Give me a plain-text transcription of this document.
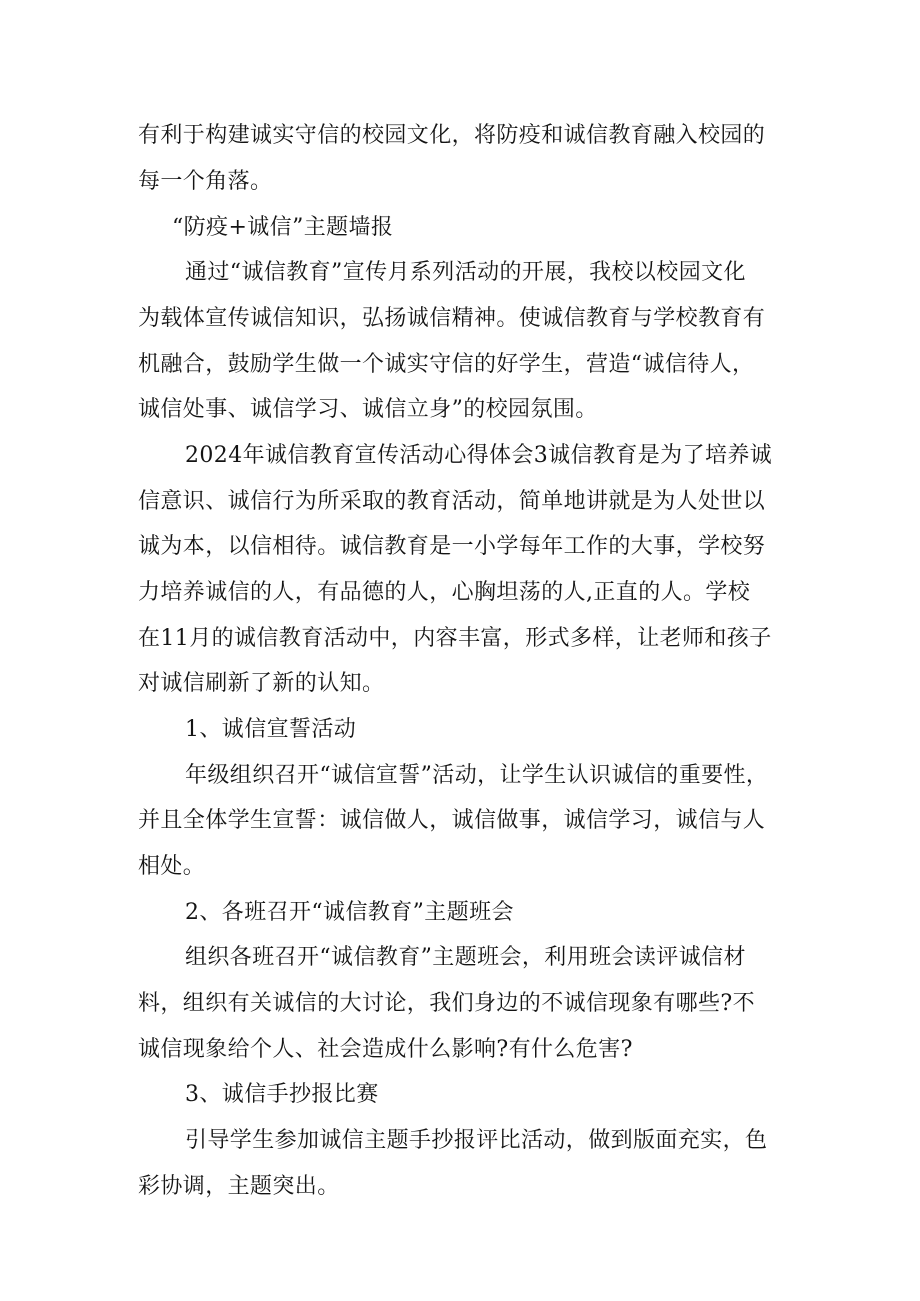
有利于构建诚实守信的校园文化，将防疫和诚信教育融入校园的
每一个角落。
“防疫+诚信”主题墙报
通过“诚信教育”宣传月系列活动的开展，我校以校园文化
为载体宣传诚信知识，弘扬诚信精神。使诚信教育与学校教育有
机融合，鼓励学生做一个诚实守信的好学生，营造“诚信待人，
诚信处事、诚信学习、诚信立身”的校园氛围。
2024年诚信教育宣传活动心得体会3诚信教育是为了培养诚
信意识、诚信行为所采取的教育活动，简单地讲就是为人处世以
诚为本，以信相待。诚信教育是一小学每年工作的大事，学校努
力培养诚信的人，有品德的人，心胸坦荡的人,正直的人。学校
在11月的诚信教育活动中，内容丰富，形式多样，让老师和孩子
对诚信刷新了新的认知。
1、诚信宣誓活动
年级组织召开“诚信宣誓”活动，让学生认识诚信的重要性，
并且全体学生宣誓：诚信做人，诚信做事，诚信学习，诚信与人
相处。
2、各班召开“诚信教育”主题班会
组织各班召开“诚信教育”主题班会，利用班会读评诚信材
料，组织有关诚信的大讨论，我们身边的不诚信现象有哪些?不
诚信现象给个人、社会造成什么影响?有什么危害?
3、诚信手抄报比赛
引导学生参加诚信主题手抄报评比活动，做到版面充实，色
彩协调，主题突出。
